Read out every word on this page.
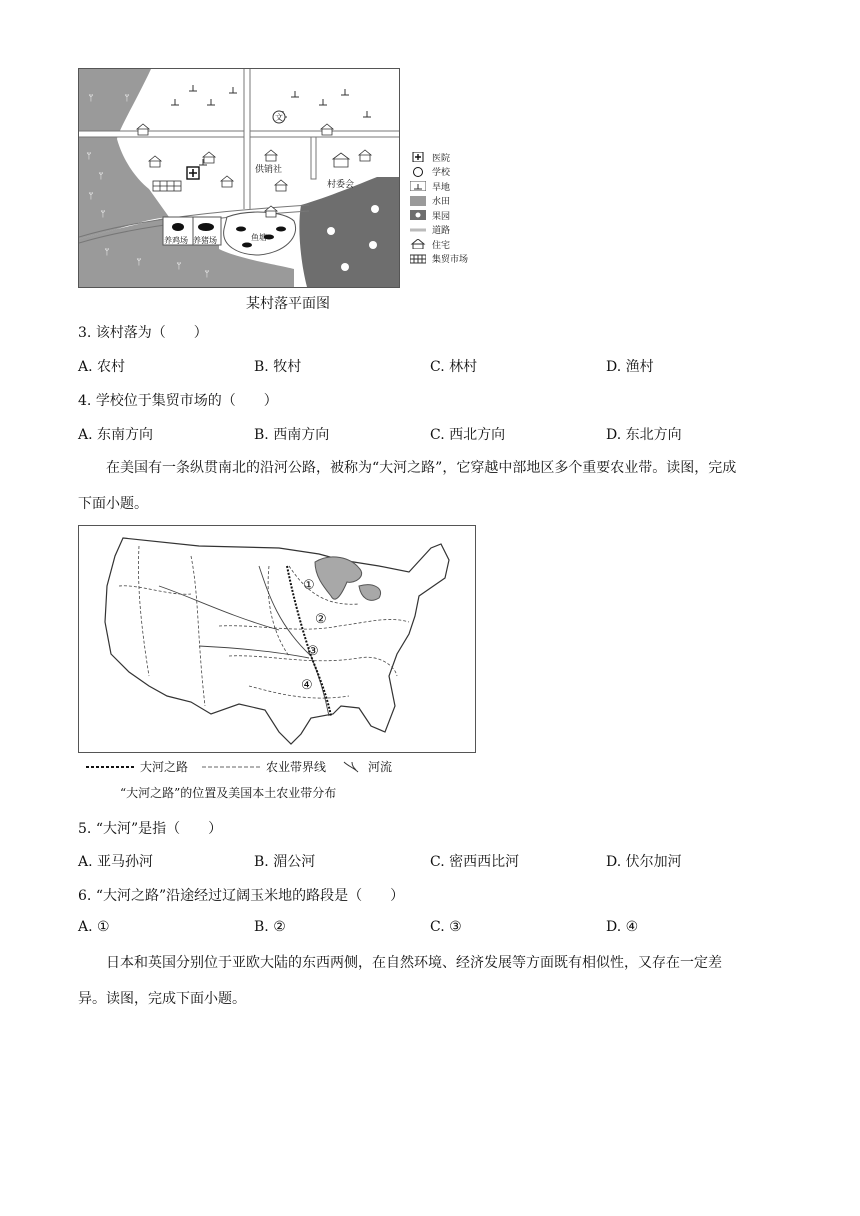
ᛘ	ᛘ
ᛘ
ᛘ
ᛘ
ᛘ
ᛘ
ᛘ	ᛘ
ᛘ
文
供销社
村委会
鱼塘
养鸡场 养猪场
医院
学校
旱地
水田
果园
道路
住宅
集贸市场
某村落平面图
3. 该村落为（　　）
A. 农村	B. 牧村	C. 林村	D. 渔村
4. 学校位于集贸市场的（　　）
A. 东南方向	B. 西南方向	C. 西北方向	D. 东北方向
在美国有一条纵贯南北的沿河公路，被称为“大河之路”，它穿越中部地区多个重要农业带。读图，完成
下面小题。
①
②
③
④
大河之路	农业带界线	河流
“大河之路”的位置及美国本土农业带分布
5. “大河”是指（　　）
A. 亚马孙河	B. 湄公河	C. 密西西比河	D. 伏尔加河
6. “大河之路”沿途经过辽阔玉米地的路段是（　　）
A. ①	B. ②	C. ③	D. ④
日本和英国分别位于亚欧大陆的东西两侧，在自然环境、经济发展等方面既有相似性，又存在一定差
异。读图，完成下面小题。
